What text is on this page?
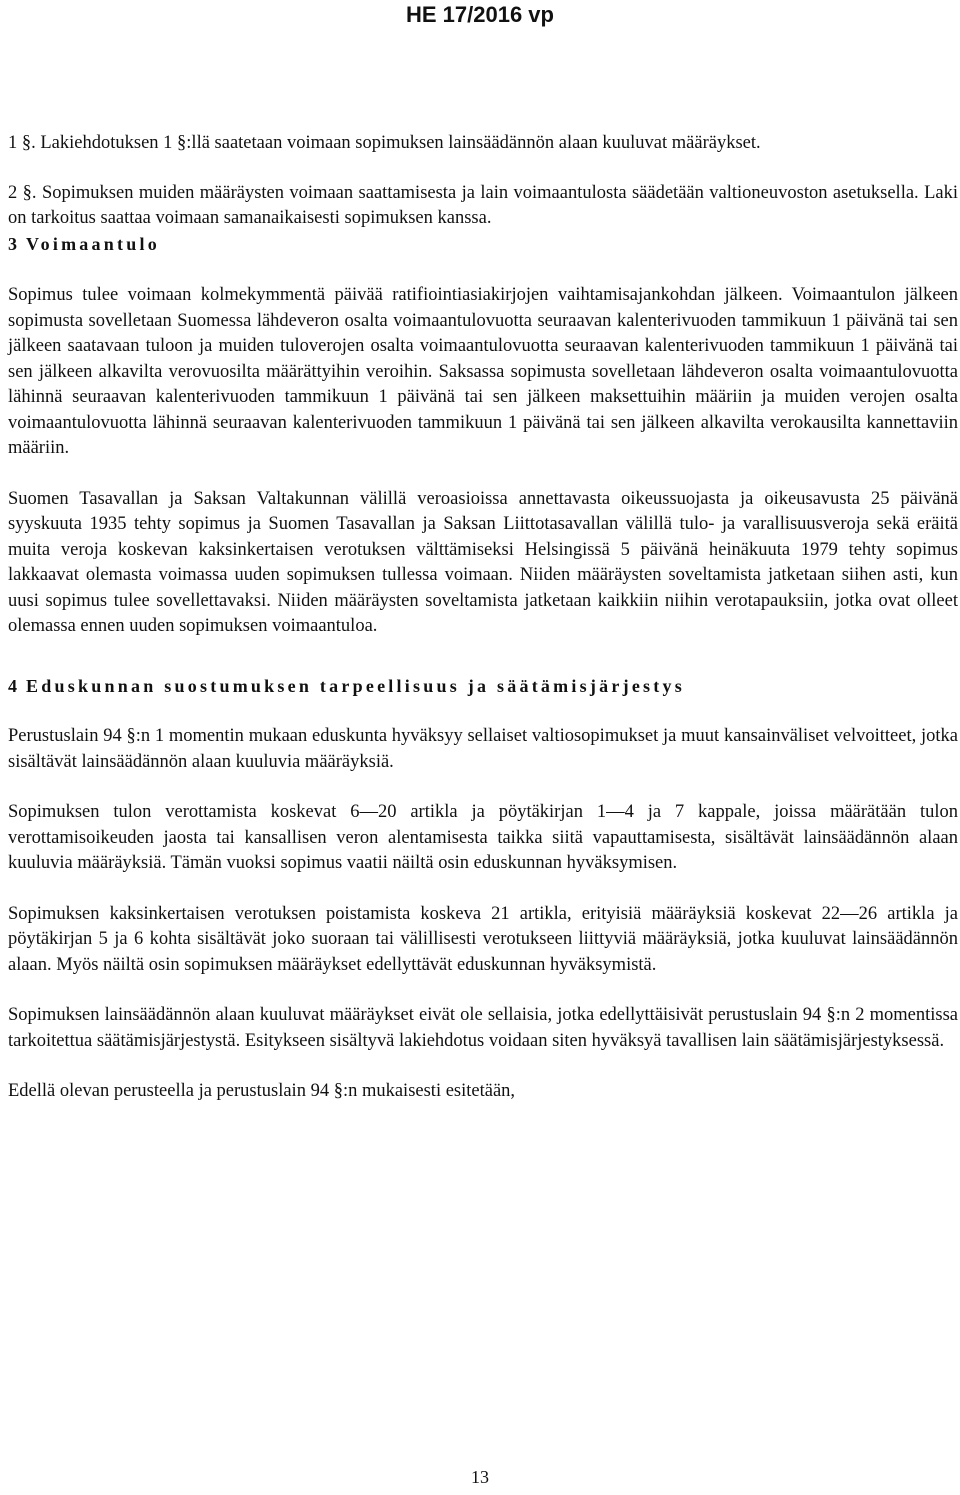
HE 17/2016 vp

1 §. Lakiehdotuksen 1 §:llä saatetaan voimaan sopimuksen lainsäädännön alaan kuuluvat määräykset.

2 §. Sopimuksen muiden määräysten voimaan saattamisesta ja lain voimaantulosta säädetään valtioneuvoston asetuksella. Laki on tarkoitus saattaa voimaan samanaikaisesti sopimuksen kanssa.

3Voimaantulo

Sopimus tulee voimaan kolmekymmentä päivää ratifiointiasiakirjojen vaihtamisajankohdan jälkeen. Voimaantulon jälkeen sopimusta sovelletaan Suomessa lähdeveron osalta voimaantulovuotta seuraavan kalenterivuoden tammikuun 1 päivänä tai sen jälkeen saatavaan tuloon ja muiden tuloverojen osalta voimaantulovuotta seuraavan kalenterivuoden tammikuun 1 päivänä tai sen jälkeen alkavilta verovuosilta määrättyihin veroihin. Saksassa sopimusta sovelletaan lähdeveron osalta voimaantulovuotta lähinnä seuraavan kalenterivuoden tammikuun 1 päivänä tai sen jälkeen maksettuihin määriin ja muiden verojen osalta voimaantulovuotta lähinnä seuraavan kalenterivuoden tammikuun 1 päivänä tai sen jälkeen alkavilta verokausilta kannettaviin määriin.

Suomen Tasavallan ja Saksan Valtakunnan välillä veroasioissa annettavasta oikeussuojasta ja oikeusavusta 25 päivänä syyskuuta 1935 tehty sopimus ja Suomen Tasavallan ja Saksan Liittotasavallan välillä tulo- ja varallisuusveroja sekä eräitä muita veroja koskevan kaksinkertaisen verotuksen välttämiseksi Helsingissä 5 päivänä heinäkuuta 1979 tehty sopimus lakkaavat olemasta voimassa uuden sopimuksen tullessa voimaan. Niiden määräysten soveltamista jatketaan siihen asti, kun uusi sopimus tulee sovellettavaksi. Niiden määräysten soveltamista jatketaan kaikkiin niihin verotapauksiin, jotka ovat olleet olemassa ennen uuden sopimuksen voimaantuloa.

4Eduskunnan suostumuksen tarpeellisuus ja säätämisjärjestys

Perustuslain 94 §:n 1 momentin mukaan eduskunta hyväksyy sellaiset valtiosopimukset ja muut kansainväliset velvoitteet, jotka sisältävät lainsäädännön alaan kuuluvia määräyksiä.

Sopimuksen tulon verottamista koskevat 6—20 artikla ja pöytäkirjan 1—4 ja 7 kappale, joissa määrätään tulon verottamisoikeuden jaosta tai kansallisen veron alentamisesta taikka siitä vapauttamisesta, sisältävät lainsäädännön alaan kuuluvia määräyksiä. Tämän vuoksi sopimus vaatii näiltä osin eduskunnan hyväksymisen.

Sopimuksen kaksinkertaisen verotuksen poistamista koskeva 21 artikla, erityisiä määräyksiä koskevat 22—26 artikla ja pöytäkirjan 5 ja 6 kohta sisältävät joko suoraan tai välillisesti verotukseen liittyviä määräyksiä, jotka kuuluvat lainsäädännön alaan. Myös näiltä osin sopimuksen määräykset edellyttävät eduskunnan hyväksymistä.

Sopimuksen lainsäädännön alaan kuuluvat määräykset eivät ole sellaisia, jotka edellyttäisivät perustuslain 94 §:n 2 momentissa tarkoitettua säätämisjärjestystä. Esitykseen sisältyvä lakiehdotus voidaan siten hyväksyä tavallisen lain säätämisjärjestyksessä.

Edellä olevan perusteella ja perustuslain 94 §:n mukaisesti esitetään,

13
